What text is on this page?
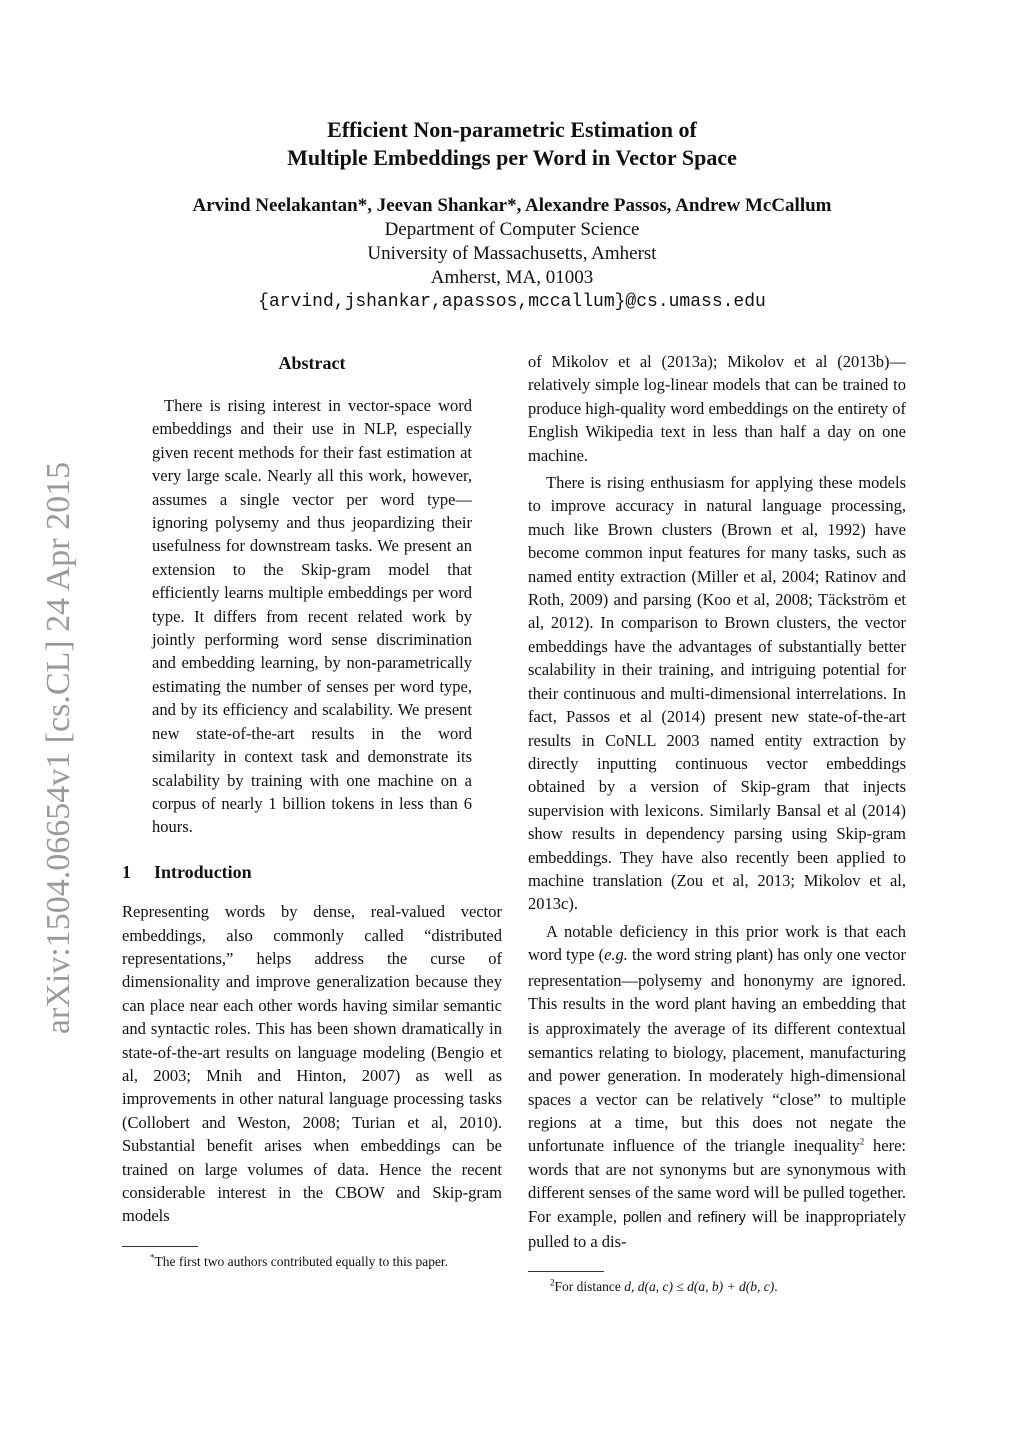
arXiv:1504.06654v1 [cs.CL] 24 Apr 2015
Efficient Non-parametric Estimation of
Multiple Embeddings per Word in Vector Space
Arvind Neelakantan*, Jeevan Shankar*, Alexandre Passos, Andrew McCallum
Department of Computer Science
University of Massachusetts, Amherst
Amherst, MA, 01003
{arvind,jshankar,apassos,mccallum}@cs.umass.edu
Abstract

There is rising interest in vector-space word embeddings and their use in NLP, especially given recent methods for their fast estimation at very large scale. Nearly all this work, however, assumes a single vector per word type—ignoring polysemy and thus jeopardizing their usefulness for downstream tasks. We present an extension to the Skip-gram model that efficiently learns multiple embeddings per word type. It differs from recent related work by jointly performing word sense discrimination and embedding learning, by non-parametrically estimating the number of senses per word type, and by its efficiency and scalability. We present new state-of-the-art results in the word similarity in context task and demonstrate its scalability by training with one machine on a corpus of nearly 1 billion tokens in less than 6 hours.

1 Introduction

Representing words by dense, real-valued vector embeddings, also commonly called “distributed representations,” helps address the curse of dimensionality and improve generalization because they can place near each other words having similar semantic and syntactic roles. This has been shown dramatically in state-of-the-art results on language modeling (Bengio et al, 2003; Mnih and Hinton, 2007) as well as improvements in other natural language processing tasks (Collobert and Weston, 2008; Turian et al, 2010). Substantial benefit arises when embeddings can be trained on large volumes of data. Hence the recent considerable interest in the CBOW and Skip-gram models

*The first two authors contributed equally to this paper.

of Mikolov et al (2013a); Mikolov et al (2013b)—relatively simple log-linear models that can be trained to produce high-quality word embeddings on the entirety of English Wikipedia text in less than half a day on one machine.

There is rising enthusiasm for applying these models to improve accuracy in natural language processing, much like Brown clusters (Brown et al, 1992) have become common input features for many tasks, such as named entity extraction (Miller et al, 2004; Ratinov and Roth, 2009) and parsing (Koo et al, 2008; Täckström et al, 2012). In comparison to Brown clusters, the vector embeddings have the advantages of substantially better scalability in their training, and intriguing potential for their continuous and multi-dimensional interrelations. In fact, Passos et al (2014) present new state-of-the-art results in CoNLL 2003 named entity extraction by directly inputting continuous vector embeddings obtained by a version of Skip-gram that injects supervision with lexicons. Similarly Bansal et al (2014) show results in dependency parsing using Skip-gram embeddings. They have also recently been applied to machine translation (Zou et al, 2013; Mikolov et al, 2013c).

A notable deficiency in this prior work is that each word type (e.g. the word string plant) has only one vector representation—polysemy and hononymy are ignored. This results in the word plant having an embedding that is approximately the average of its different contextual semantics relating to biology, placement, manufacturing and power generation. In moderately high-dimensional spaces a vector can be relatively “close” to multiple regions at a time, but this does not negate the unfortunate influence of the triangle inequality$^2$ here: words that are not synonyms but are synonymous with different senses of the same word will be pulled together. For example, pollen and refinery will be inappropriately pulled to a dis-

$^2$For distance d, d(a, c) ≤ d(a, b) + d(b, c).
